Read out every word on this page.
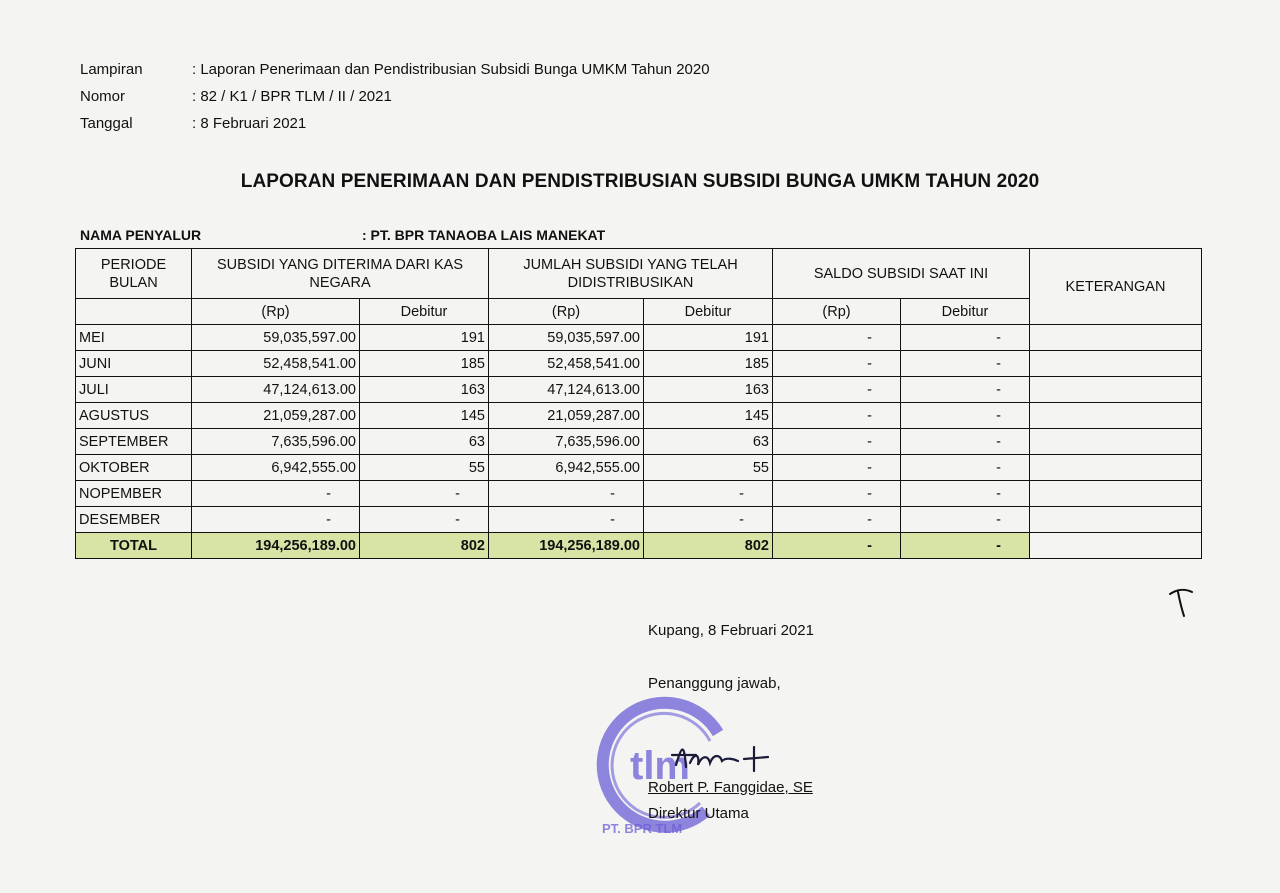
Lampiran	: Laporan Penerimaan dan Pendistribusian Subsidi Bunga UMKM Tahun 2020
Nomor	: 82 / K1 / BPR TLM / II / 2021
Tanggal	: 8 Februari 2021
LAPORAN PENERIMAAN DAN PENDISTRIBUSIAN SUBSIDI BUNGA UMKM TAHUN 2020
NAMA PENYALUR	: PT. BPR TANAOBA LAIS MANEKAT
PERIODE BULAN	SUBSIDI YANG DITERIMA DARI KAS NEGARA		JUMLAH SUBSIDI YANG TELAH DIDISTRIBUSIKAN		SALDO SUBSIDI SAAT INI		KETERANGAN

	(Rp)	Debitur	(Rp)	Debitur	(Rp)	Debitur	
MEI	59,035,597.00	191	59,035,597.00	191	-	-	
JUNI	52,458,541.00	185	52,458,541.00	185	-	-	
JULI	47,124,613.00	163	47,124,613.00	163	-	-	
AGUSTUS	21,059,287.00	145	21,059,287.00	145	-	-	
SEPTEMBER	7,635,596.00	63	7,635,596.00	63	-	-	
OKTOBER	6,942,555.00	55	6,942,555.00	55	-	-	
NOPEMBER	-	-	-	-	-	-	
DESEMBER	-	-	-	-	-	-	
TOTAL	194,256,189.00	802	194,256,189.00	802	-	-	
Kupang, 8 Februari 2021
Penanggung jawab,
tlm
PT. BPR TLM
Robert P. Fanggidae, SE
Direktur Utama
